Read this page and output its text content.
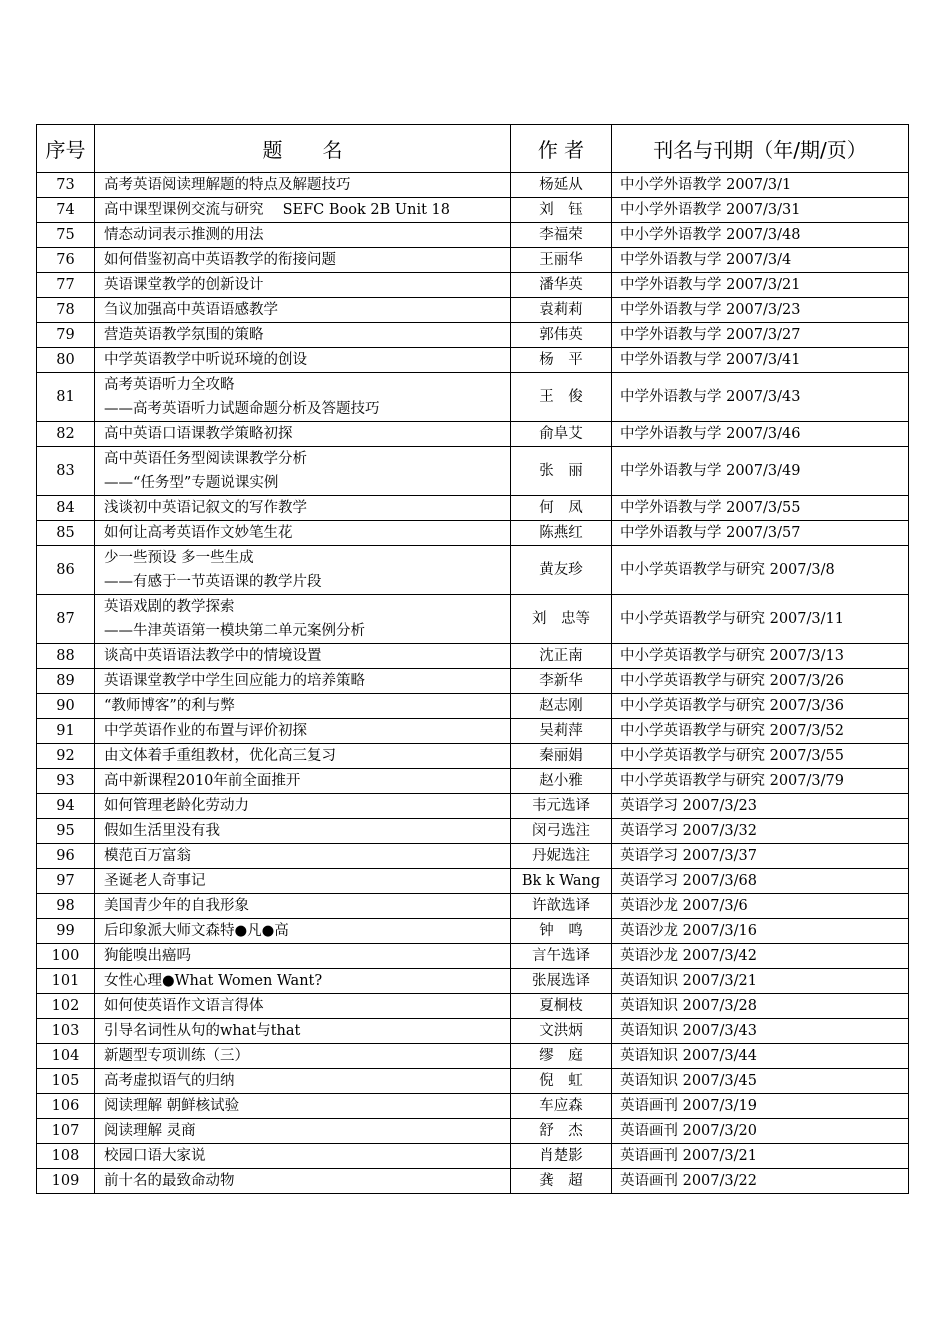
序号	题　　名	作 者	刊名与刊期（年/期/页）
73	高考英语阅读理解题的特点及解题技巧	杨延从	中小学外语教学 2007/3/1
74	高中课型课例交流与研究　 SEFC Book 2B Unit 18	刘　钰	中小学外语教学 2007/3/31
75	情态动词表示推测的用法	李福荣	中小学外语教学 2007/3/48
76	如何借鉴初高中英语教学的衔接问题	王丽华	中学外语教与学 2007/3/4
77	英语课堂教学的创新设计	潘华英	中学外语教与学 2007/3/21
78	刍议加强高中英语语感教学	袁莉莉	中学外语教与学 2007/3/23
79	营造英语教学氛围的策略	郭伟英	中学外语教与学 2007/3/27
80	中学英语教学中听说环境的创设	杨　平	中学外语教与学 2007/3/41
81	高考英语听力全攻略
——高考英语听力试题命题分析及答题技巧	王　俊	中学外语教与学 2007/3/43
82	高中英语口语课教学策略初探	俞阜艾	中学外语教与学 2007/3/46
83	高中英语任务型阅读课教学分析
——“任务型”专题说课实例	张　丽	中学外语教与学 2007/3/49
84	浅谈初中英语记叙文的写作教学	何　凤	中学外语教与学 2007/3/55
85	如何让高考英语作文妙笔生花	陈燕红	中学外语教与学 2007/3/57
86	少一些预设 多一些生成
——有感于一节英语课的教学片段	黄友珍	中小学英语教学与研究 2007/3/8
87	英语戏剧的教学探索
——牛津英语第一模块第二单元案例分析	刘　忠等	中小学英语教学与研究 2007/3/11
88	谈高中英语语法教学中的情境设置	沈正南	中小学英语教学与研究 2007/3/13
89	英语课堂教学中学生回应能力的培养策略	李新华	中小学英语教学与研究 2007/3/26
90	“教师博客”的利与弊	赵志刚	中小学英语教学与研究 2007/3/36
91	中学英语作业的布置与评价初探	吴莉萍	中小学英语教学与研究 2007/3/52
92	由文体着手重组教材，优化高三复习	秦丽娟	中小学英语教学与研究 2007/3/55
93	高中新课程2010年前全面推开	赵小雅	中小学英语教学与研究 2007/3/79
94	如何管理老龄化劳动力	韦元选译	英语学习 2007/3/23
95	假如生活里没有我	闵弓选注	英语学习 2007/3/32
96	模范百万富翁	丹妮选注	英语学习 2007/3/37
97	圣诞老人奇事记	Bk k Wang	英语学习 2007/3/68
98	美国青少年的自我形象	许歆选译	英语沙龙 2007/3/6
99	后印象派大师文森特●凡●高	钟　鸣	英语沙龙 2007/3/16
100	狗能嗅出癌吗	言午选译	英语沙龙 2007/3/42
101	女性心理●What Women Want?	张展选译	英语知识 2007/3/21
102	如何使英语作文语言得体	夏桐枝	英语知识 2007/3/28
103	引导名词性从句的what与that	文洪炳	英语知识 2007/3/43
104	新题型专项训练（三）	缪　庭	英语知识 2007/3/44
105	高考虚拟语气的归纳	倪　虹	英语知识 2007/3/45
106	阅读理解 朝鲜核试验	车应森	英语画刊 2007/3/19
107	阅读理解 灵商	舒　杰	英语画刊 2007/3/20
108	校园口语大家说	肖楚影	英语画刊 2007/3/21
109	前十名的最致命动物	龚　超	英语画刊 2007/3/22
